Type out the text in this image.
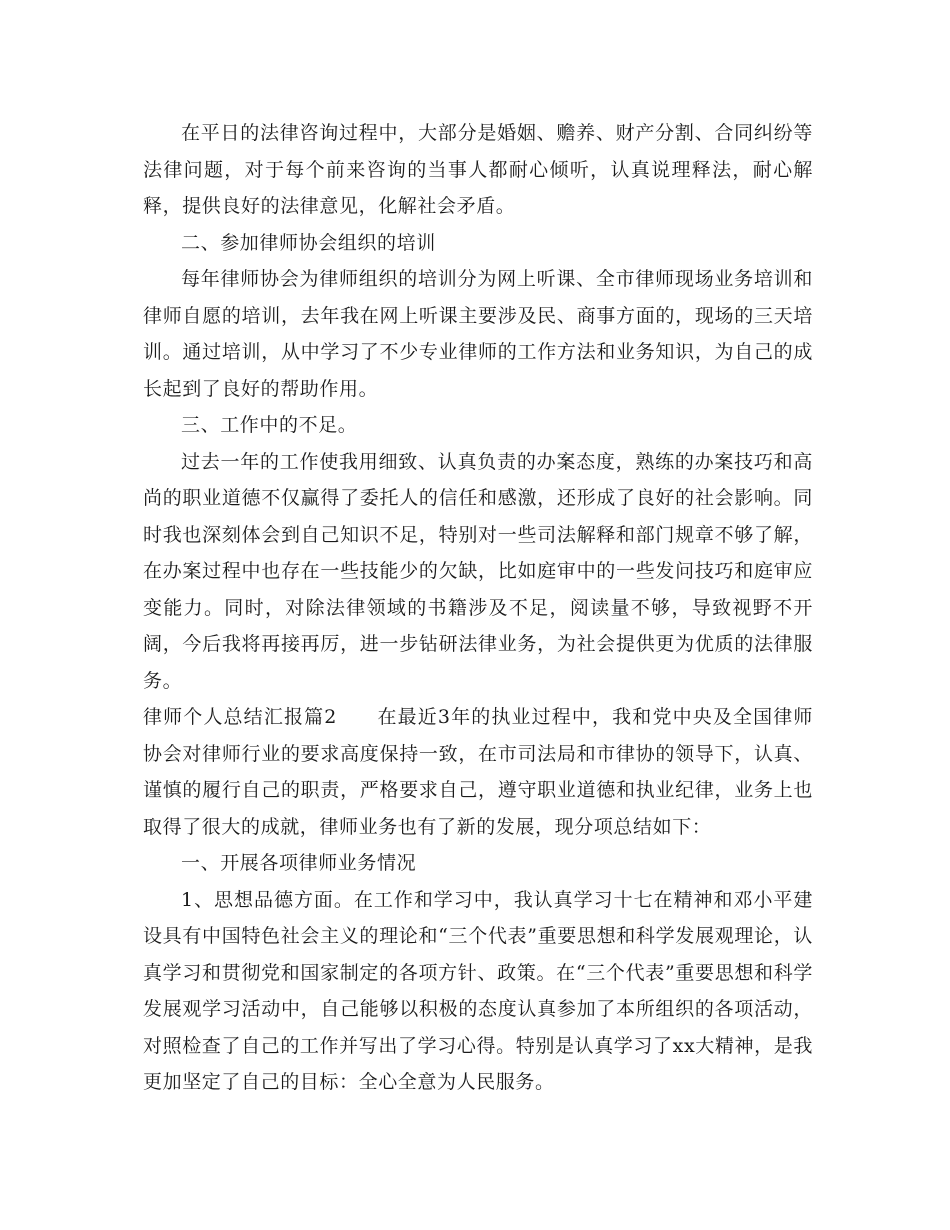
在平日的法律咨询过程中，大部分是婚姻、赡养、财产分割、合同纠纷等法律问题，对于每个前来咨询的当事人都耐心倾听，认真说理释法，耐心解释，提供良好的法律意见，化解社会矛盾。

二、参加律师协会组织的培训

每年律师协会为律师组织的培训分为网上听课、全市律师现场业务培训和律师自愿的培训，去年我在网上听课主要涉及民、商事方面的，现场的三天培训。通过培训，从中学习了不少专业律师的工作方法和业务知识，为自己的成长起到了良好的帮助作用。

三、工作中的不足。

过去一年的工作使我用细致、认真负责的办案态度，熟练的办案技巧和高尚的职业道德不仅赢得了委托人的信任和感激，还形成了良好的社会影响。同时我也深刻体会到自己知识不足，特别对一些司法解释和部门规章不够了解，在办案过程中也存在一些技能少的欠缺，比如庭审中的一些发问技巧和庭审应变能力。同时，对除法律领域的书籍涉及不足，阅读量不够，导致视野不开阔，今后我将再接再厉，进一步钻研法律业务，为社会提供更为优质的法律服务。

律师个人总结汇报篇2 在最近3年的执业过程中，我和党中央及全国律师协会对律师行业的要求高度保持一致，在市司法局和市律协的领导下，认真、谨慎的履行自己的职责，严格要求自己，遵守职业道德和执业纪律，业务上也取得了很大的成就，律师业务也有了新的发展，现分项总结如下：

一、开展各项律师业务情况

1、思想品德方面。在工作和学习中，我认真学习十七在精神和邓小平建设具有中国特色社会主义的理论和“三个代表”重要思想和科学发展观理论，认真学习和贯彻党和国家制定的各项方针、政策。在“三个代表”重要思想和科学发展观学习活动中，自己能够以积极的态度认真参加了本所组织的各项活动，对照检查了自己的工作并写出了学习心得。特别是认真学习了xx大精神，是我更加坚定了自己的目标：全心全意为人民服务。
